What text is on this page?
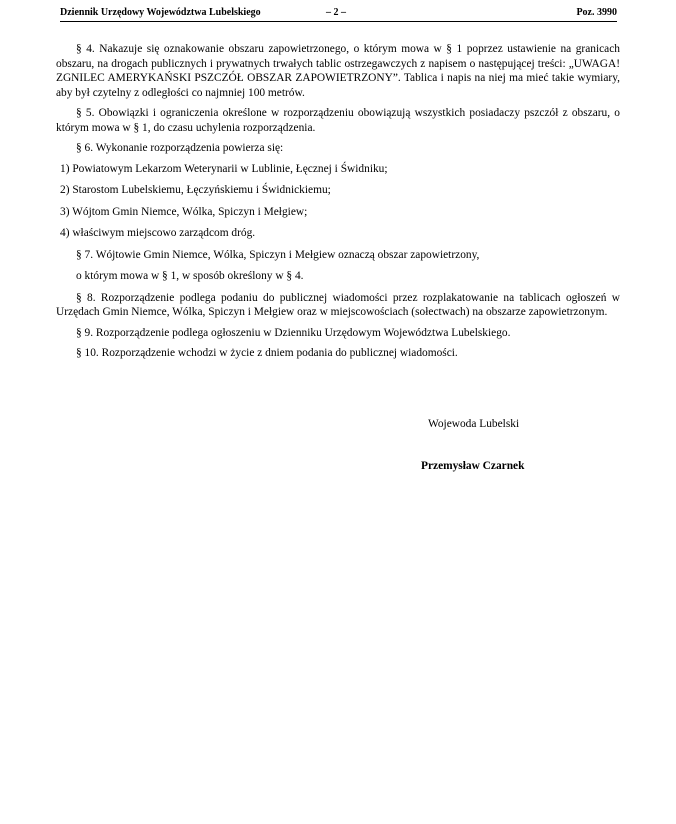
Dziennik Urzędowy Województwa Lubelskiego	– 2 –	Poz. 3990

§ 4. Nakazuje się oznakowanie obszaru zapowietrzonego, o którym mowa w § 1 poprzez ustawienie na granicach obszaru, na drogach publicznych i prywatnych trwałych tablic ostrzegawczych z napisem o następującej treści: „UWAGA! ZGNILEC AMERYKAŃSKI PSZCZÓŁ OBSZAR ZAPOWIETRZONY”. Tablica i napis na niej ma mieć takie wymiary, aby był czytelny z odległości co najmniej 100 metrów.

§ 5. Obowiązki i ograniczenia określone w rozporządzeniu obowiązują wszystkich posiadaczy pszczół z obszaru, o którym mowa w § 1, do czasu uchylenia rozporządzenia.

§ 6. Wykonanie rozporządzenia powierza się:

1) Powiatowym Lekarzom Weterynarii w Lublinie, Łęcznej i Świdniku;
2) Starostom Lubelskiemu, Łęczyńskiemu i Świdnickiemu;
3) Wójtom Gmin Niemce, Wólka, Spiczyn i Mełgiew;
4) właściwym miejscowo zarządcom dróg.
§ 7. Wójtowie Gmin Niemce, Wólka, Spiczyn i Mełgiew oznaczą obszar zapowietrzony,
o którym mowa w § 1, w sposób określony w § 4.

§ 8. Rozporządzenie podlega podaniu do publicznej wiadomości przez rozplakatowanie na tablicach ogłoszeń w Urzędach Gmin Niemce, Wólka, Spiczyn i Mełgiew oraz w miejscowościach (sołectwach) na obszarze zapowietrzonym.

§ 9. Rozporządzenie podlega ogłoszeniu w Dzienniku Urzędowym Województwa Lubelskiego.

§ 10. Rozporządzenie wchodzi w życie z dniem podania do publicznej wiadomości.

Wojewoda Lubelski
Przemysław Czarnek
